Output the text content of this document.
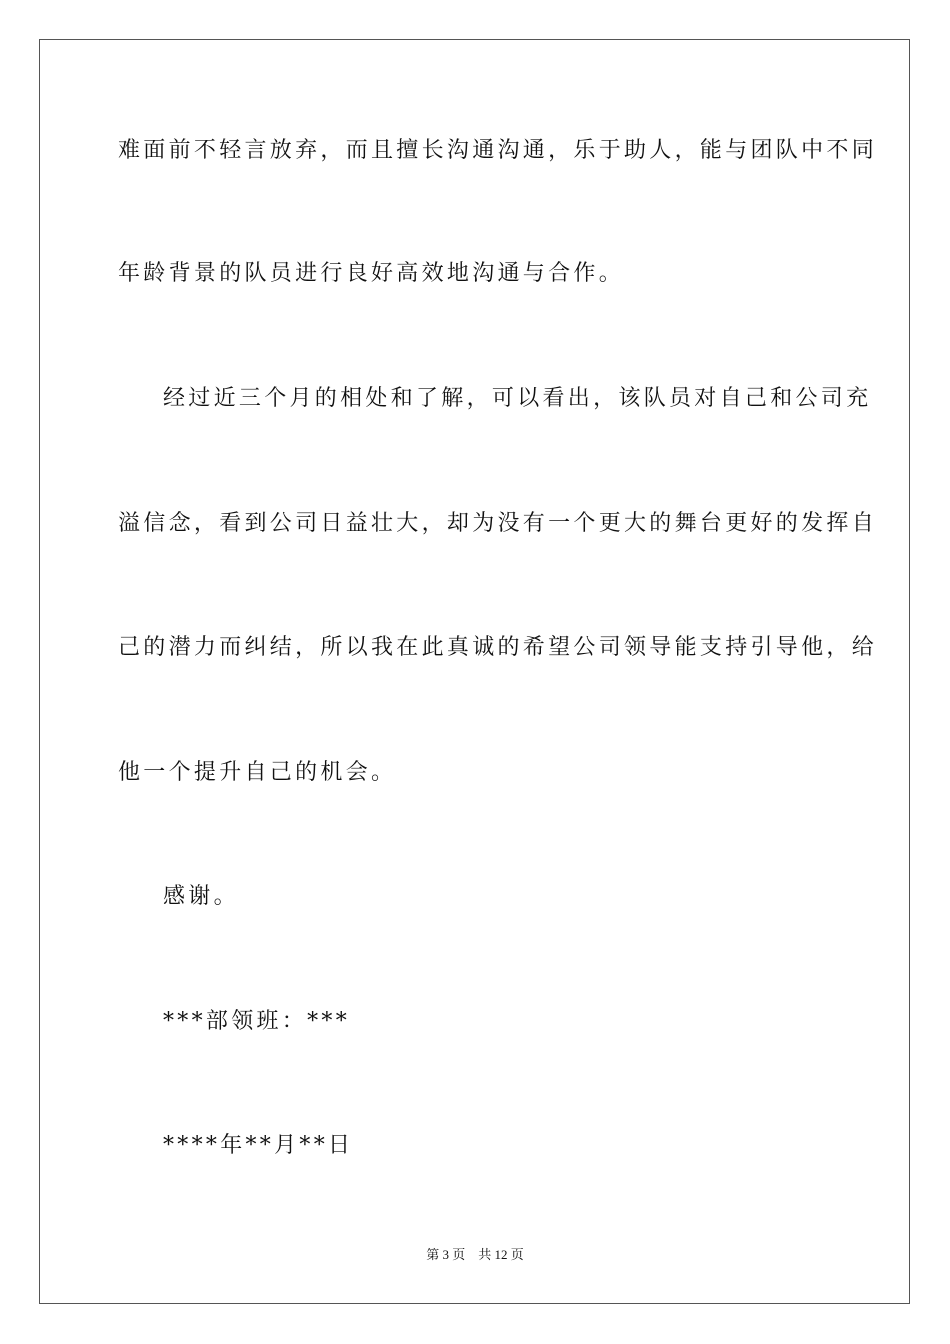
难面前不轻言放弃，而且擅长沟通沟通，乐于助人，能与团队中不同
年龄背景的队员进行良好高效地沟通与合作。
经过近三个月的相处和了解，可以看出，该队员对自己和公司充
溢信念，看到公司日益壮大，却为没有一个更大的舞台更好的发挥自
己的潜力而纠结，所以我在此真诚的希望公司领导能支持引导他，给
他一个提升自己的机会。
感谢。
***部领班：***
****年**月**日
第 3 页　共 12 页
